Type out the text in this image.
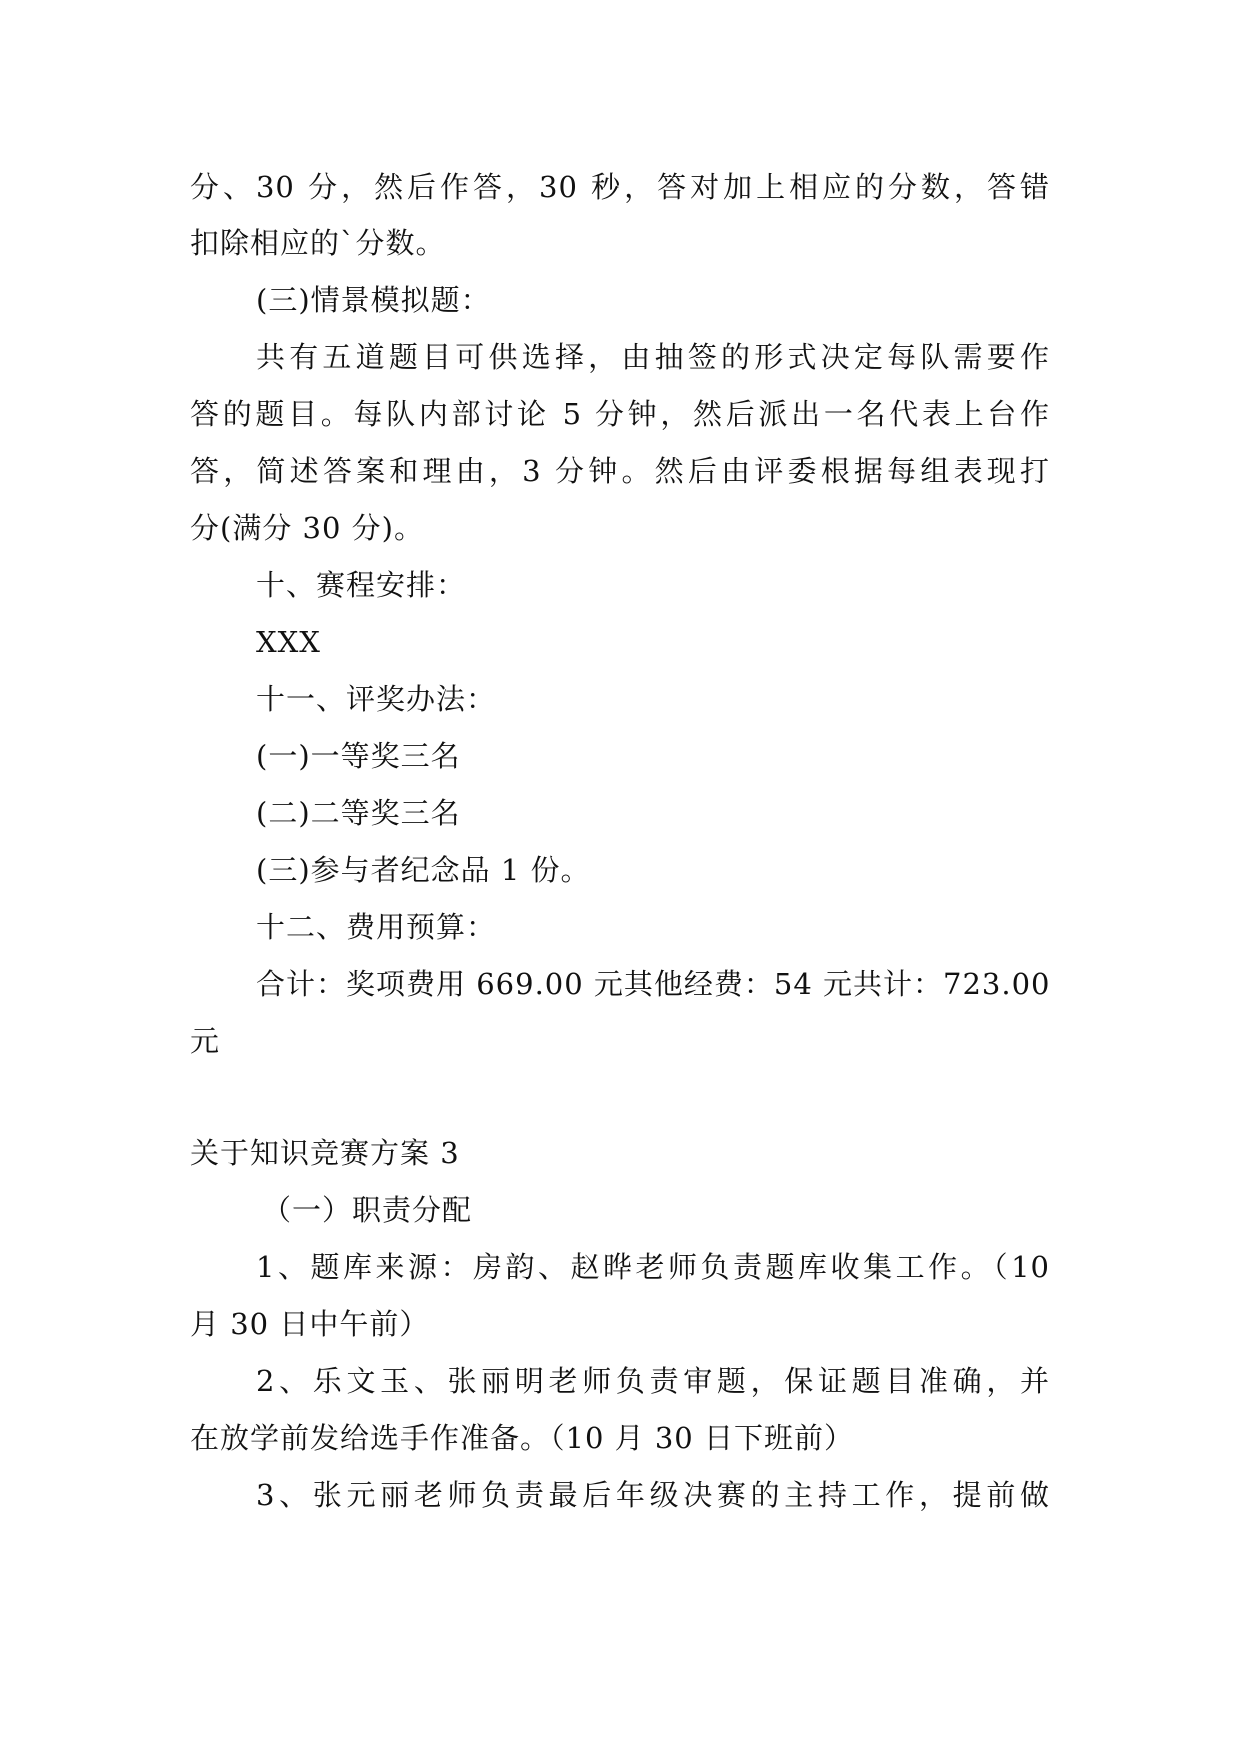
分、30 分，然后作答，30 秒，答对加上相应的分数，答错
扣除相应的`分数。
(三)情景模拟题：
共有五道题目可供选择，由抽签的形式决定每队需要作
答的题目。每队内部讨论 5 分钟，然后派出一名代表上台作
答，简述答案和理由，3 分钟。然后由评委根据每组表现打
分(满分 30 分)。
十、赛程安排：
XXX
十一、评奖办法：
(一)一等奖三名
(二)二等奖三名
(三)参与者纪念品 1 份。
十二、费用预算：
合计：奖项费用 669.00 元其他经费：54 元共计：723.00
元
关于知识竞赛方案 3
（一）职责分配
1、题库来源：房韵、赵晔老师负责题库收集工作。（10
月 30 日中午前）
2、乐文玉、张丽明老师负责审题，保证题目准确，并
在放学前发给选手作准备。（10 月 30 日下班前）
3、张元丽老师负责最后年级决赛的主持工作，提前做
